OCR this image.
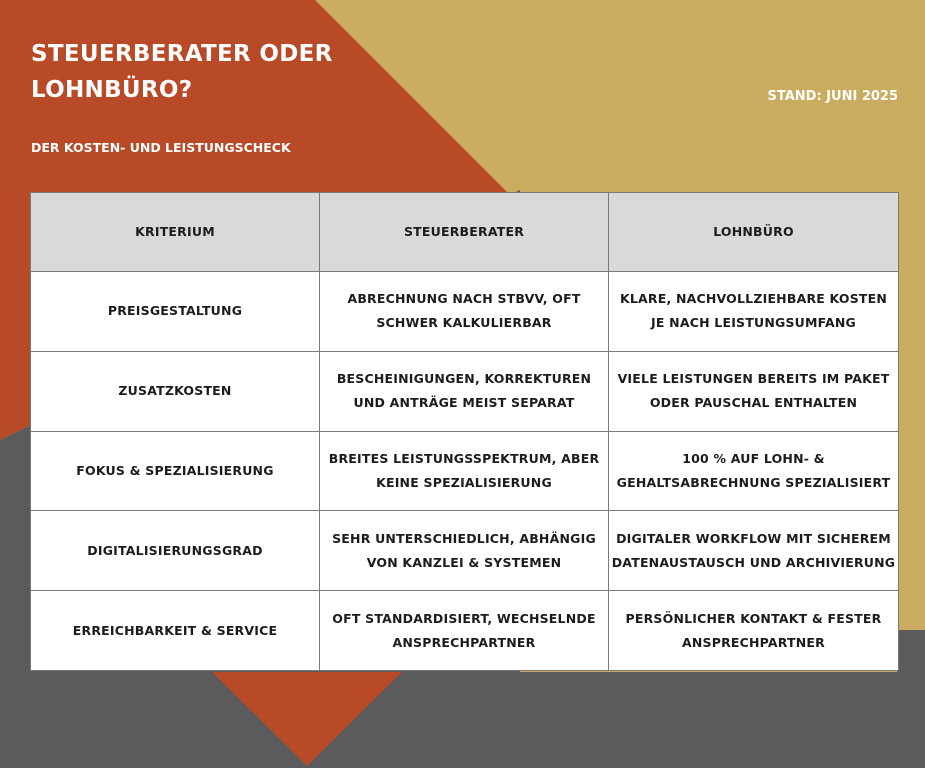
STEUERBERATER ODER LOHNBÜRO?

DER KOSTEN- UND LEISTUNGSCHECK

STAND: JUNI 2025

KRITERIUM	STEUERBERATER	LOHNBÜRO
PREISGESTALTUNG	ABRECHNUNG NACH STBVV, OFT SCHWER KALKULIERBAR	KLARE, NACHVOLLZIEHBARE KOSTEN JE NACH LEISTUNGSUMFANG
ZUSATZKOSTEN	BESCHEINIGUNGEN, KORREKTUREN UND ANTRÄGE MEIST SEPARAT	VIELE LEISTUNGEN BEREITS IM PAKET ODER PAUSCHAL ENTHALTEN
FOKUS & SPEZIALISIERUNG	BREITES LEISTUNGSSPEKTRUM, ABER KEINE SPEZIALISIERUNG	100 % AUF LOHN- & GEHALTSABRECHNUNG SPEZIALISIERT
DIGITALISIERUNGSGRAD	SEHR UNTERSCHIEDLICH, ABHÄNGIG VON KANZLEI & SYSTEMEN	DIGITALER WORKFLOW MIT SICHEREM DATENAUSTAUSCH UND ARCHIVIERUNG
ERREICHBARKEIT & SERVICE	OFT STANDARDISIERT, WECHSELNDE ANSPRECHPARTNER	PERSÖNLICHER KONTAKT & FESTER ANSPRECHPARTNER
